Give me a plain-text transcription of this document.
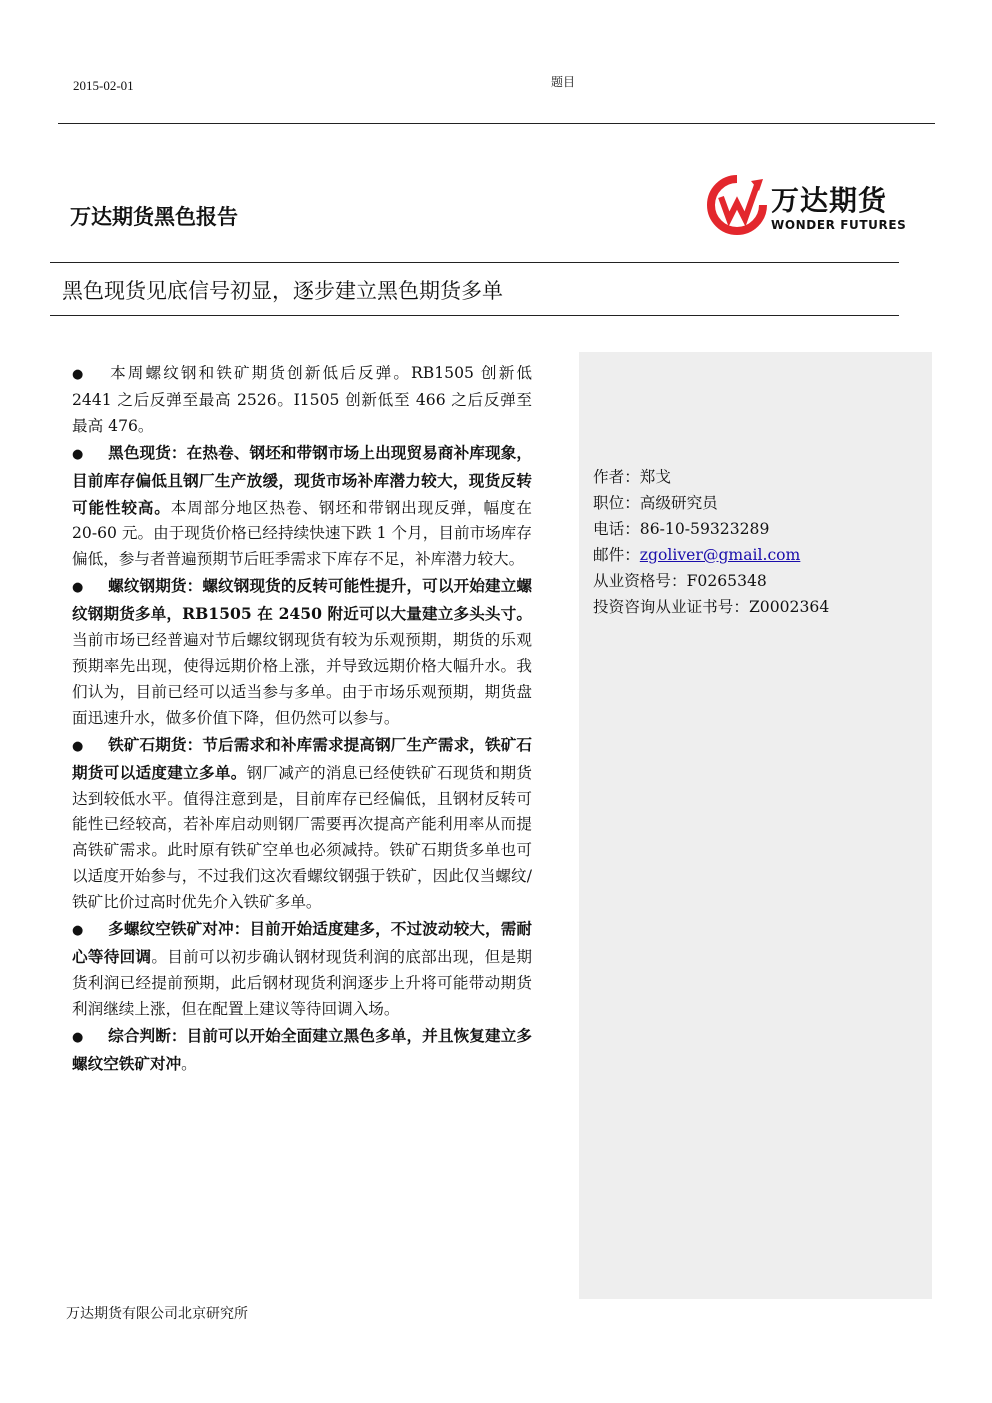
2015-02-01	题目
万达期货黑色报告	万达期货
WONDER FUTURES
黑色现货见底信号初显，逐步建立黑色期货多单

● 本周螺纹钢和铁矿期货创新低后反弹。RB1505 创新低 2441 之后反弹至最高 2526。I1505 创新低至 466 之后反弹至最高 476。

● 黑色现货：在热卷、钢坯和带钢市场上出现贸易商补库现象，目前库存偏低且钢厂生产放缓，现货市场补库潜力较大，现货反转可能性较高。本周部分地区热卷、钢坯和带钢出现反弹，幅度在 20-60 元。由于现货价格已经持续快速下跌 1 个月，目前市场库存偏低，参与者普遍预期节后旺季需求下库存不足，补库潜力较大。

● 螺纹钢期货：螺纹钢现货的反转可能性提升，可以开始建立螺纹钢期货多单，RB1505 在 2450 附近可以大量建立多头头寸。当前市场已经普遍对节后螺纹钢现货有较为乐观预期，期货的乐观预期率先出现，使得远期价格上涨，并导致远期价格大幅升水。我们认为，目前已经可以适当参与多单。由于市场乐观预期，期货盘面迅速升水，做多价值下降，但仍然可以参与。

● 铁矿石期货：节后需求和补库需求提高钢厂生产需求，铁矿石期货可以适度建立多单。钢厂减产的消息已经使铁矿石现货和期货达到较低水平。值得注意到是，目前库存已经偏低，且钢材反转可能性已经较高，若补库启动则钢厂需要再次提高产能利用率从而提高铁矿需求。此时原有铁矿空单也必须减持。铁矿石期货多单也可以适度开始参与，不过我们这次看螺纹钢强于铁矿，因此仅当螺纹/铁矿比价过高时优先介入铁矿多单。

● 多螺纹空铁矿对冲：目前开始适度建多，不过波动较大，需耐心等待回调。目前可以初步确认钢材现货利润的底部出现，但是期货利润已经提前预期，此后钢材现货利润逐步上升将可能带动期货利润继续上涨，但在配置上建议等待回调入场。

● 综合判断：目前可以开始全面建立黑色多单，并且恢复建立多螺纹空铁矿对冲。

作者：郑戈
职位：高级研究员
电话：86-10-59323289
邮件：zgoliver@gmail.com
从业资格号：F0265348
投资咨询从业证书号：Z0002364
万达期货有限公司北京研究所
